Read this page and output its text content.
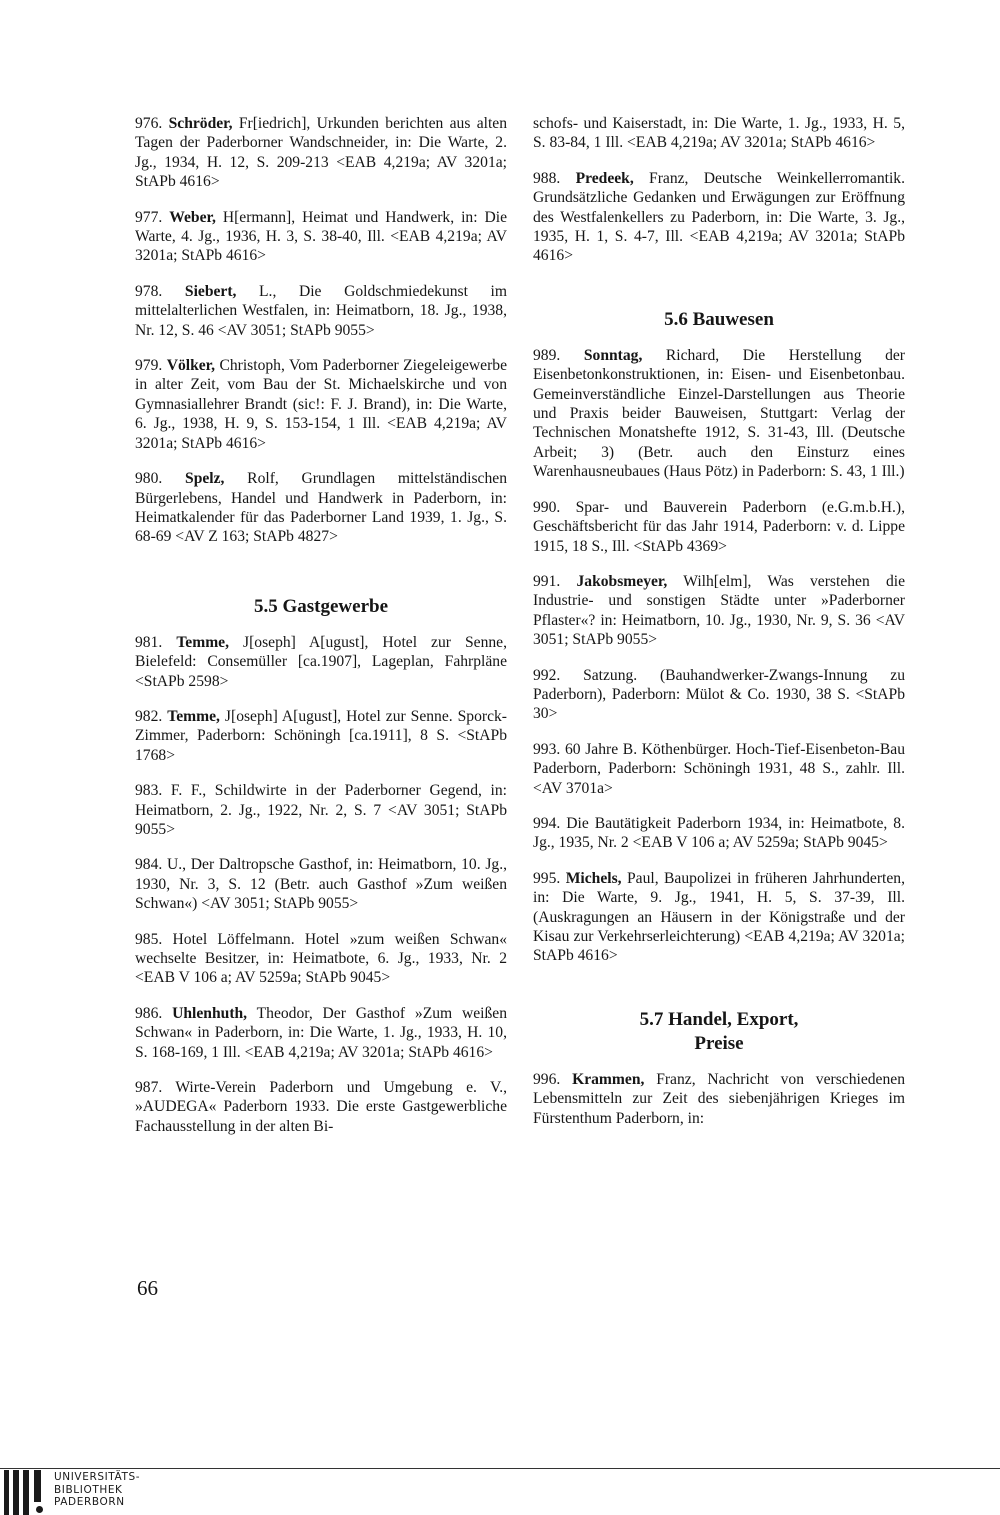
976. Schröder, Fr[iedrich], Urkunden berichten aus alten Tagen der Paderborner Wandschneider, in: Die Warte, 2. Jg., 1934, H. 12, S. 209-213 <EAB 4,219a; AV 3201a; StAPb 4616>

977. Weber, H[ermann], Heimat und Handwerk, in: Die Warte, 4. Jg., 1936, H. 3, S. 38-40, Ill. <EAB 4,219a; AV 3201a; StAPb 4616>

978. Siebert, L., Die Goldschmiedekunst im mittelalterlichen Westfalen, in: Heimatborn, 18. Jg., 1938, Nr. 12, S. 46 <AV 3051; StAPb 9055>

979. Völker, Christoph, Vom Paderborner Ziegeleigewerbe in alter Zeit, vom Bau der St. Michaelskirche und von Gymnasiallehrer Brandt (sic!: F. J. Brand), in: Die Warte, 6. Jg., 1938, H. 9, S. 153-154, 1 Ill. <EAB 4,219a; AV 3201a; StAPb 4616>

980. Spelz, Rolf, Grundlagen mittelständischen Bürgerlebens, Handel und Handwerk in Paderborn, in: Heimatkalender für das Paderborner Land 1939, 1. Jg., S. 68-69 <AV Z 163; StAPb 4827>

5.5 Gastgewerbe

981. Temme, J[oseph] A[ugust], Hotel zur Senne, Bielefeld: Consemüller [ca.1907], Lageplan, Fahrpläne <StAPb 2598>

982. Temme, J[oseph] A[ugust], Hotel zur Senne. Sporck-Zimmer, Paderborn: Schöningh [ca.1911], 8 S. <StAPb 1768>

983. F. F., Schildwirte in der Paderborner Gegend, in: Heimatborn, 2. Jg., 1922, Nr. 2, S. 7 <AV 3051; StAPb 9055>

984. U., Der Daltropsche Gasthof, in: Heimatborn, 10. Jg., 1930, Nr. 3, S. 12 (Betr. auch Gasthof »Zum weißen Schwan«) <AV 3051; StAPb 9055>

985. Hotel Löffelmann. Hotel »zum weißen Schwan« wechselte Besitzer, in: Heimatbote, 6. Jg., 1933, Nr. 2 <EAB V 106 a; AV 5259a; StAPb 9045>

986. Uhlenhuth, Theodor, Der Gasthof »Zum weißen Schwan« in Paderborn, in: Die Warte, 1. Jg., 1933, H. 10, S. 168-169, 1 Ill. <EAB 4,219a; AV 3201a; StAPb 4616>

987. Wirte-Verein Paderborn und Umgebung e. V., »AUDEGA« Paderborn 1933. Die erste Gastgewerbliche Fachausstellung in der alten Bi-

schofs- und Kaiserstadt, in: Die Warte, 1. Jg., 1933, H. 5, S. 83-84, 1 Ill. <EAB 4,219a; AV 3201a; StAPb 4616>

988. Predeek, Franz, Deutsche Weinkellerromantik. Grundsätzliche Gedanken und Erwägungen zur Eröffnung des Westfalenkellers zu Paderborn, in: Die Warte, 3. Jg., 1935, H. 1, S. 4-7, Ill. <EAB 4,219a; AV 3201a; StAPb 4616>

5.6 Bauwesen

989. Sonntag, Richard, Die Herstellung der Eisenbetonkonstruktionen, in: Eisen- und Eisenbetonbau. Gemeinverständliche Einzel-Darstellungen aus Theorie und Praxis beider Bauweisen, Stuttgart: Verlag der Technischen Monatshefte 1912, S. 31-43, Ill. (Deutsche Arbeit; 3) (Betr. auch den Einsturz eines Warenhausneubaues (Haus Pötz) in Paderborn: S. 43, 1 Ill.)

990. Spar- und Bauverein Paderborn (e.G.m.b.H.), Geschäftsbericht für das Jahr 1914, Paderborn: v. d. Lippe 1915, 18 S., Ill. <StAPb 4369>

991. Jakobsmeyer, Wilh[elm], Was verstehen die Industrie- und sonstigen Städte unter »Paderborner Pflaster«? in: Heimatborn, 10. Jg., 1930, Nr. 9, S. 36 <AV 3051; StAPb 9055>

992. Satzung. (Bauhandwerker-Zwangs-Innung zu Paderborn), Paderborn: Mülot & Co. 1930, 38 S. <StAPb 30>

993. 60 Jahre B. Köthenbürger. Hoch-Tief-Eisenbeton-Bau Paderborn, Paderborn: Schöningh 1931, 48 S., zahlr. Ill. <AV 3701a>

994. Die Bautätigkeit Paderborn 1934, in: Heimatbote, 8. Jg., 1935, Nr. 2 <EAB V 106 a; AV 5259a; StAPb 9045>

995. Michels, Paul, Baupolizei in früheren Jahrhunderten, in: Die Warte, 9. Jg., 1941, H. 5, S. 37-39, Ill. (Auskragungen an Häusern in der Königstraße und der Kisau zur Verkehrserleichterung) <EAB 4,219a; AV 3201a; StAPb 4616>

5.7 Handel, Export,
Preise

996. Krammen, Franz, Nachricht von verschiedenen Lebensmitteln zur Zeit des siebenjährigen Krieges im Fürstenthum Paderborn, in:

66
UNIVERSITÄTS-
BIBLIOTHEK
PADERBORN
